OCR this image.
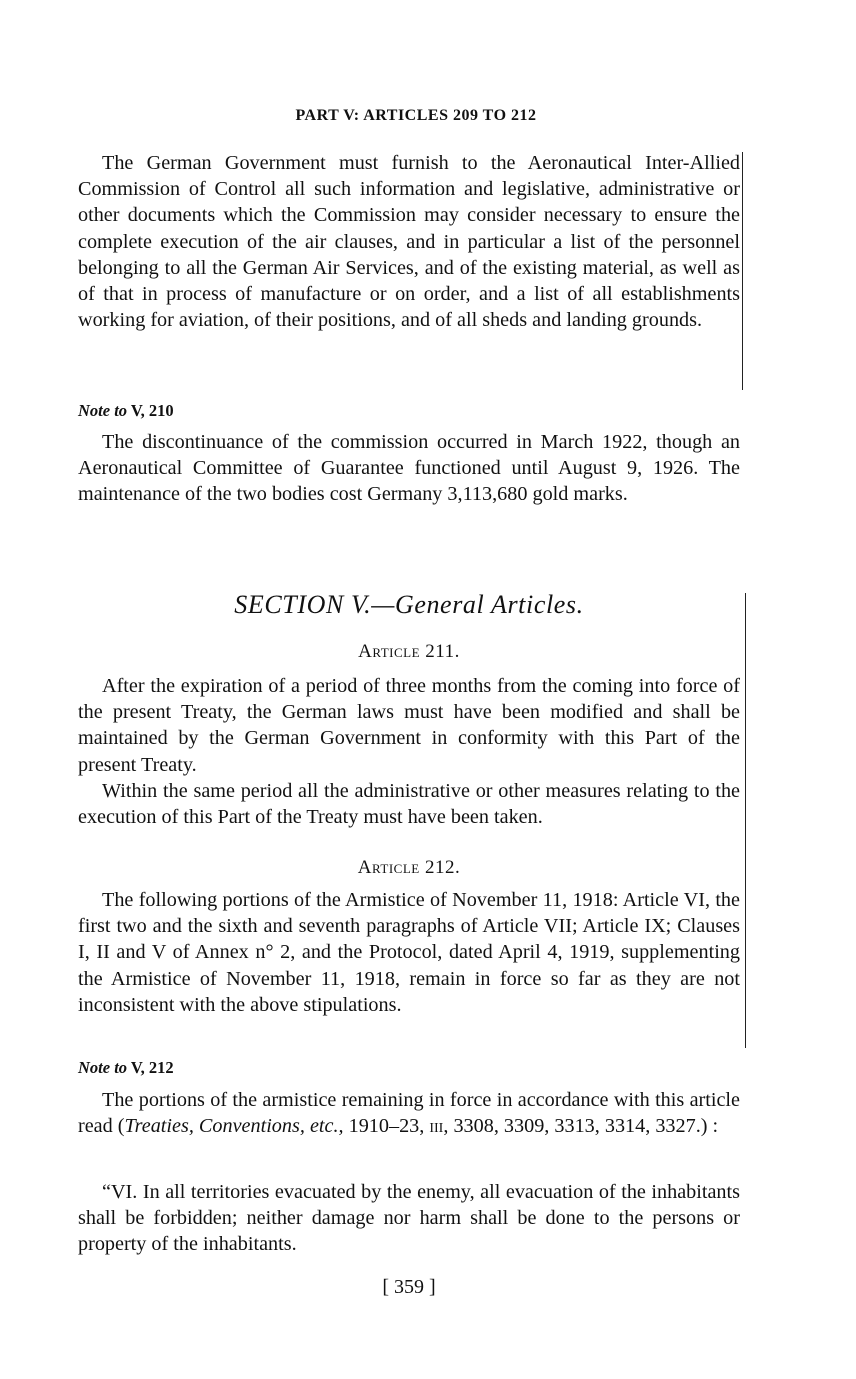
PART V: ARTICLES 209 TO 212

The German Government must furnish to the Aeronautical Inter-Allied Commission of Control all such information and legislative, administrative or other documents which the Commission may consider necessary to ensure the complete execution of the air clauses, and in particular a list of the personnel belonging to all the German Air Services, and of the existing material, as well as of that in process of manufacture or on order, and a list of all establishments working for aviation, of their positions, and of all sheds and landing grounds.

Note to V, 210

The discontinuance of the commission occurred in March 1922, though an Aeronautical Committee of Guarantee functioned until August 9, 1926. The maintenance of the two bodies cost Germany 3,113,680 gold marks.

SECTION V.—General Articles.
Article 211.

After the expiration of a period of three months from the coming into force of the present Treaty, the German laws must have been modified and shall be maintained by the German Government in conformity with this Part of the present Treaty.

Within the same period all the administrative or other measures relating to the execution of this Part of the Treaty must have been taken.

Article 212.

The following portions of the Armistice of November 11, 1918: Article VI, the first two and the sixth and seventh paragraphs of Article VII; Article IX; Clauses I, II and V of Annex n° 2, and the Protocol, dated April 4, 1919, supplementing the Armistice of November 11, 1918, remain in force so far as they are not inconsistent with the above stipulations.

Note to V, 212

The portions of the armistice remaining in force in accordance with this article read (Treaties, Conventions, etc., 1910–23, iii, 3308, 3309, 3313, 3314, 3327.) :

“VI. In all territories evacuated by the enemy, all evacuation of the inhabitants shall be forbidden; neither damage nor harm shall be done to the persons or property of the inhabitants.

[ 359 ]
